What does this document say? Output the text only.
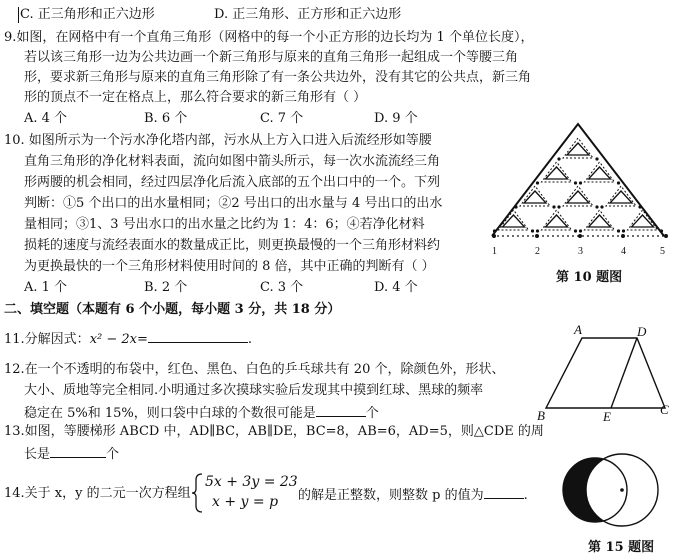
C. 正三角形和正六边形	D. 正三角形、正方形和正六边形
9.如图，在网格中有一个直角三角形（网格中的每一个小正方形的边长均为 1 个单位长度），
若以该三角形一边为公共边画一个新三角形与原来的直角三角形一起组成一个等腰三角
形，要求新三角形与原来的直角三角形除了有一条公共边外，没有其它的公共点，新三角
形的顶点不一定在格点上，那么符合要求的新三角形有（ ）
A. 4 个	B. 6 个	C. 7 个	D. 9 个
10. 如图所示为一个污水净化塔内部，污水从上方入口进入后流经形如等腰
直角三角形的净化材料表面，流向如图中箭头所示，每一次水流流经三角
形两腰的机会相同，经过四层净化后流入底部的五个出口中的一个。下列
判断：①5 个出口的出水量相同；②2 号出口的出水量与 4 号出口的出水
量相同；③1、3 号出水口的出水量之比约为 1：4：6；④若净化材料
损耗的速度与流经表面水的数量成正比，则更换最慢的一个三角形材料约
为更换最快的一个三角形材料使用时间的 8 倍，其中正确的判断有（ ）
A. 1 个	B. 2 个	C. 3 个	D. 4 个
1	2	3	4	5
第 10 题图
二、填空题（本题有 6 个小题，每小题 3 分，共 18 分）
11.分解因式：x² − 2x=	.
12.在一个不透明的布袋中，红色、黑色、白色的乒乓球共有 20 个，除颜色外，形状、
大小、质地等完全相同.小明通过多次摸球实验后发现其中摸到红球、黑球的频率
稳定在 5%和 15%，则口袋中白球的个数很可能是	个
13.如图，等腰梯形 ABCD 中，AD∥BC，AB∥DE，BC=8，AB=6，AD=5，则△CDE 的周
长是	个
A	D
B	E	C
14.关于 x，y 的二元一次方程组
5x + 3y = 23
x + y = p 的解是正整数，则整数 p 的值为	.
第 15 题图
